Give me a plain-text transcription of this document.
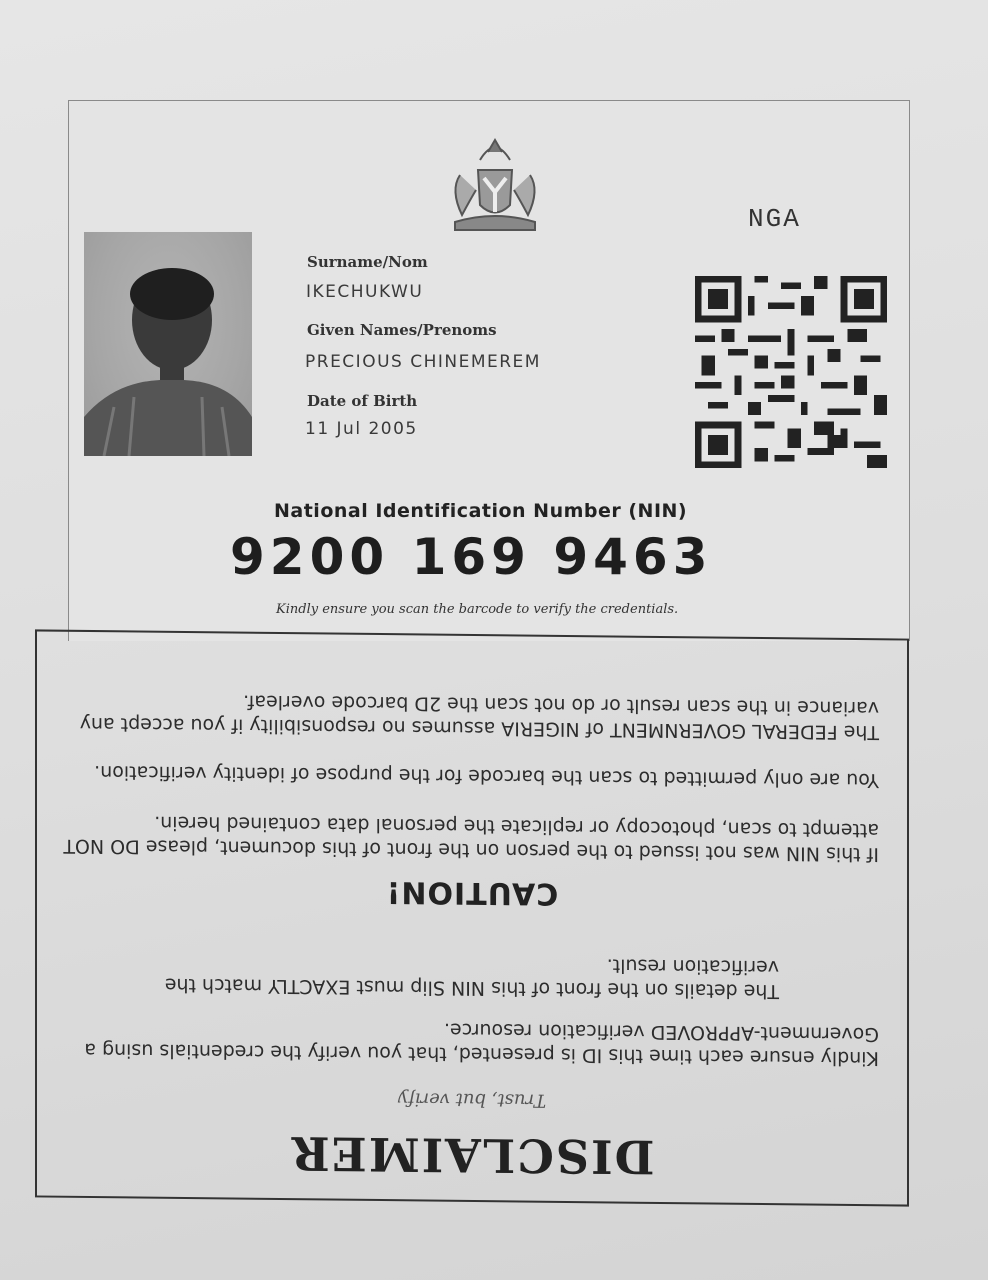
NGA
Surname/Nom
IKECHUKWU
Given Names/Prenoms
PRECIOUS CHINEMEREM
Date of Birth
11 Jul 2005
National Identification Number (NIN)
9200 169 9463
Kindly ensure you scan the barcode to verify the credentials.
DISCLAIMER
Trust, but verify
Kindly ensure each time this ID is presented, that you verify the credentials using a Government-APPROVED verification resource.
The details on the front of this NIN Slip must EXACTLY match the verification result.
CAUTION!
If this NIN was not issued to the person on the front of this document, please DO NOT attempt to scan, photocopy or replicate the personal data contained herein.
You are only permitted to scan the barcode for the purpose of identity verification.
The FEDERAL GOVERNMENT of NIGERIA assumes no responsibility if you accept any variance in the scan result or do not scan the 2D barcode overleaf.
